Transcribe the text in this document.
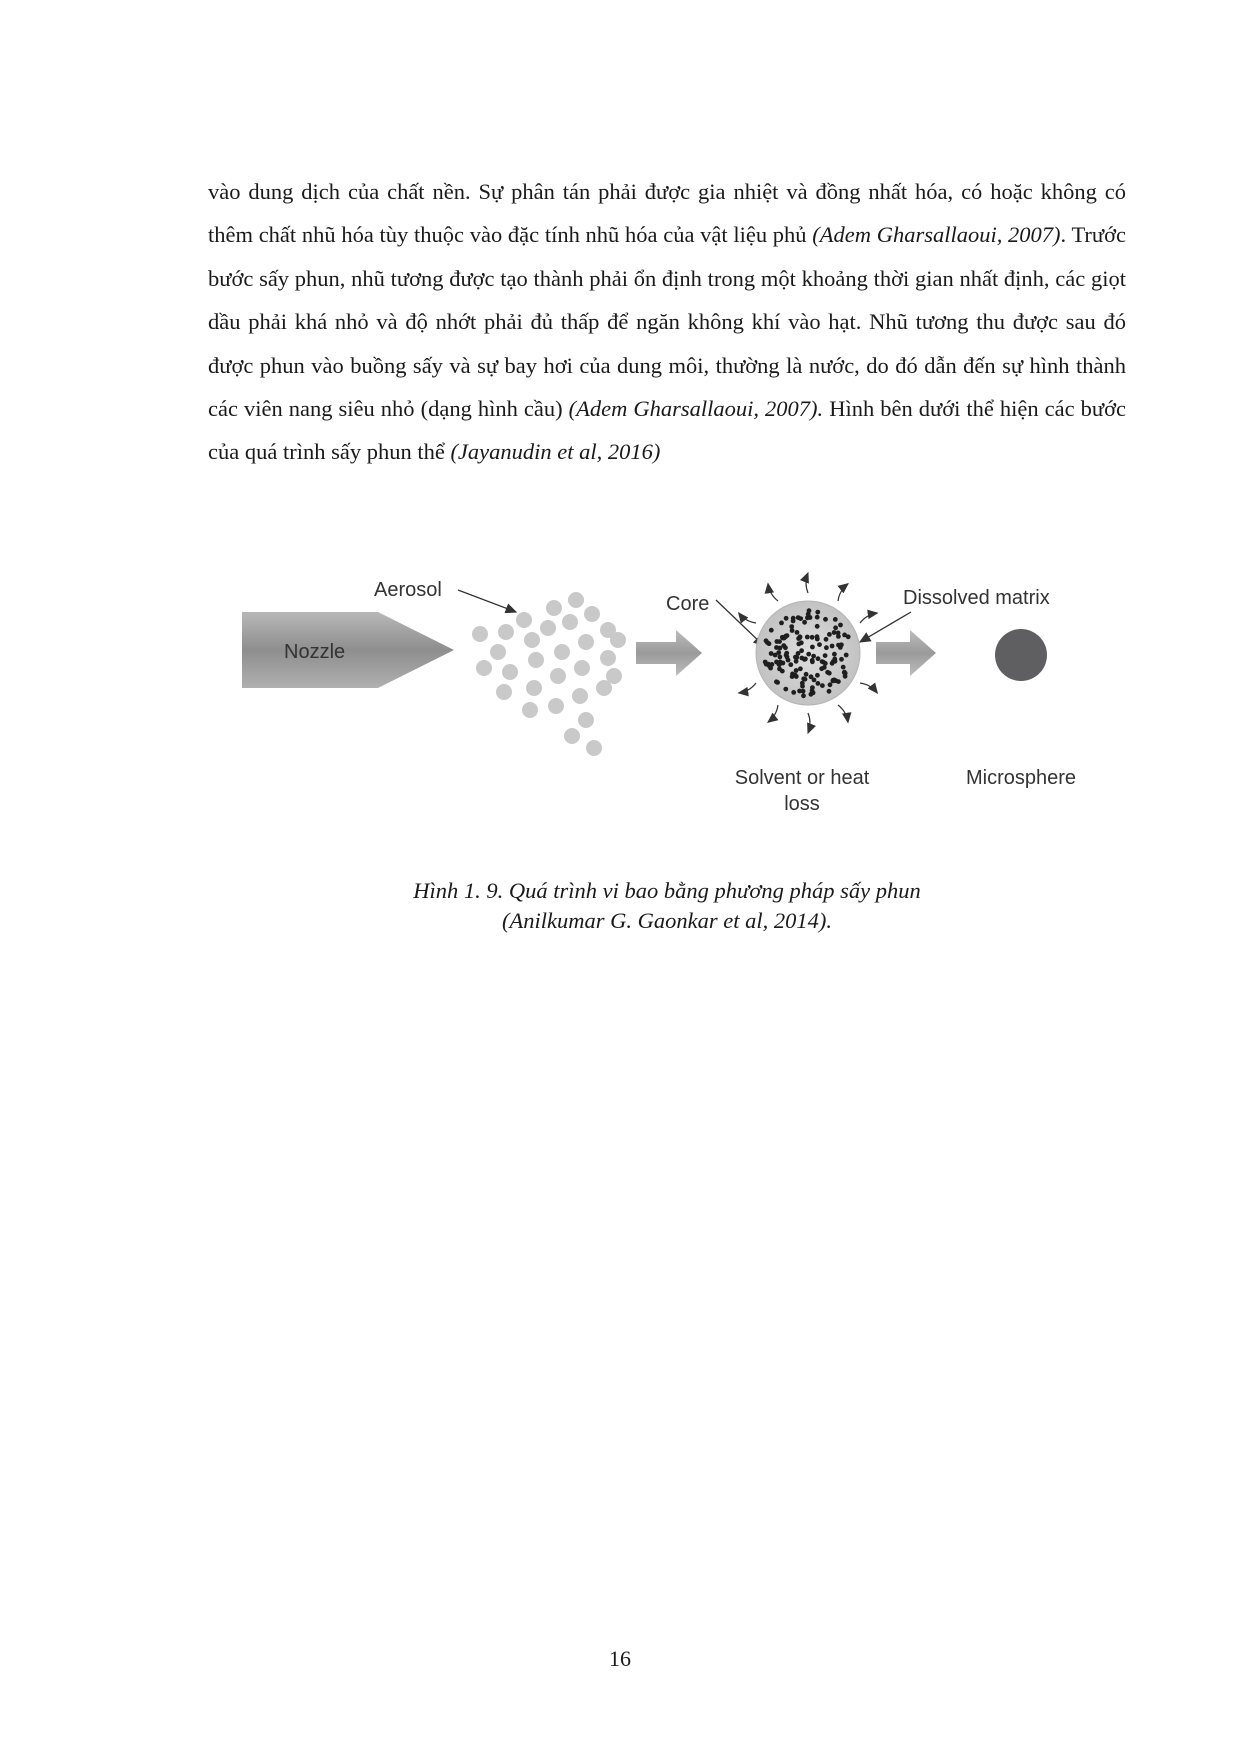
vào dung dịch của chất nền. Sự phân tán phải được gia nhiệt và đồng nhất hóa, có hoặc không có thêm chất nhũ hóa tùy thuộc vào đặc tính nhũ hóa của vật liệu phủ (Adem Gharsallaoui, 2007). Trước bước sấy phun, nhũ tương được tạo thành phải ổn định trong một khoảng thời gian nhất định, các giọt dầu phải khá nhỏ và độ nhớt phải đủ thấp để ngăn không khí vào hạt. Nhũ tương thu được sau đó được phun vào buồng sấy và sự bay hơi của dung môi, thường là nước, do đó dẫn đến sự hình thành các viên nang siêu nhỏ (dạng hình cầu) (Adem Gharsallaoui, 2007). Hình bên dưới thể hiện các bước của quá trình sấy phun thể (Jayanudin et al, 2016)

Nozzle
Aerosol
Core	Dissolved matrix
Solvent or heat
loss
Microsphere
Hình 1. 9. Quá trình vi bao bằng phương pháp sấy phun
(Anilkumar G. Gaonkar et al, 2014).
16
